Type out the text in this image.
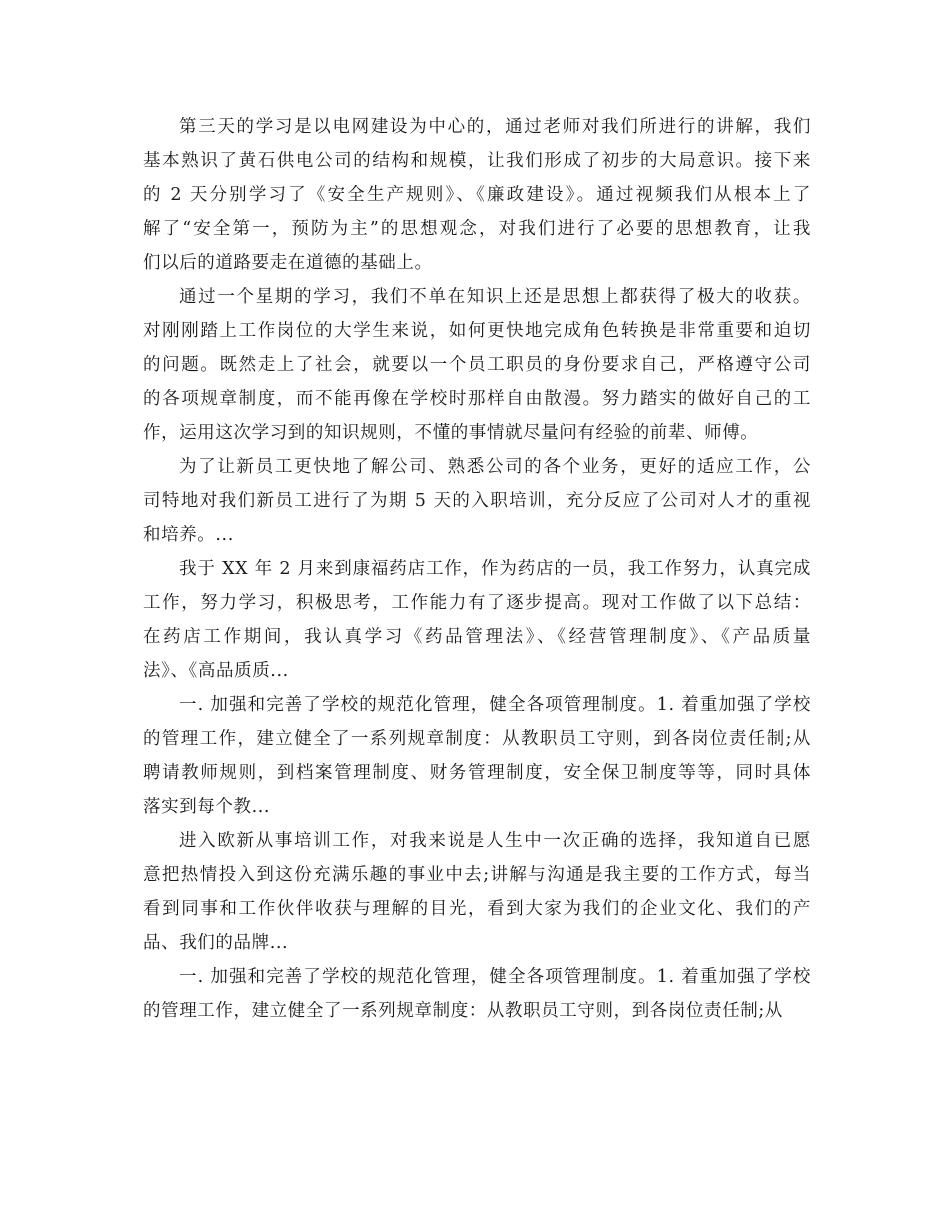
第三天的学习是以电网建设为中心的，通过老师对我们所进行的讲解，我们
基本熟识了黄石供电公司的结构和规模，让我们形成了初步的大局意识。接下来
的 2 天分别学习了《安全生产规则》、《廉政建设》。通过视频我们从根本上了
解了“安全第一，预防为主”的思想观念，对我们进行了必要的思想教育，让我
们以后的道路要走在道德的基础上。
通过一个星期的学习，我们不单在知识上还是思想上都获得了极大的收获。
对刚刚踏上工作岗位的大学生来说，如何更快地完成角色转换是非常重要和迫切
的问题。既然走上了社会，就要以一个员工职员的身份要求自己，严格遵守公司
的各项规章制度，而不能再像在学校时那样自由散漫。努力踏实的做好自己的工
作，运用这次学习到的知识规则，不懂的事情就尽量问有经验的前辈、师傅。
为了让新员工更快地了解公司、熟悉公司的各个业务，更好的适应工作，公
司特地对我们新员工进行了为期 5 天的入职培训，充分反应了公司对人才的重视
和培养。...
我于 XX 年 2 月来到康福药店工作，作为药店的一员，我工作努力，认真完成
工作，努力学习，积极思考，工作能力有了逐步提高。现对工作做了以下总结：
在药店工作期间，我认真学习《药品管理法》、《经营管理制度》、《产品质量
法》、《高品质质...
一. 加强和完善了学校的规范化管理，健全各项管理制度。1. 着重加强了学校
的管理工作，建立健全了一系列规章制度：从教职员工守则，到各岗位责任制;从
聘请教师规则，到档案管理制度、财务管理制度，安全保卫制度等等，同时具体
落实到每个教...
进入欧新从事培训工作，对我来说是人生中一次正确的选择，我知道自已愿
意把热情投入到这份充满乐趣的事业中去;讲解与沟通是我主要的工作方式，每当
看到同事和工作伙伴收获与理解的目光，看到大家为我们的企业文化、我们的产
品、我们的品牌...
一. 加强和完善了学校的规范化管理，健全各项管理制度。1. 着重加强了学校
的管理工作，建立健全了一系列规章制度：从教职员工守则，到各岗位责任制;从
